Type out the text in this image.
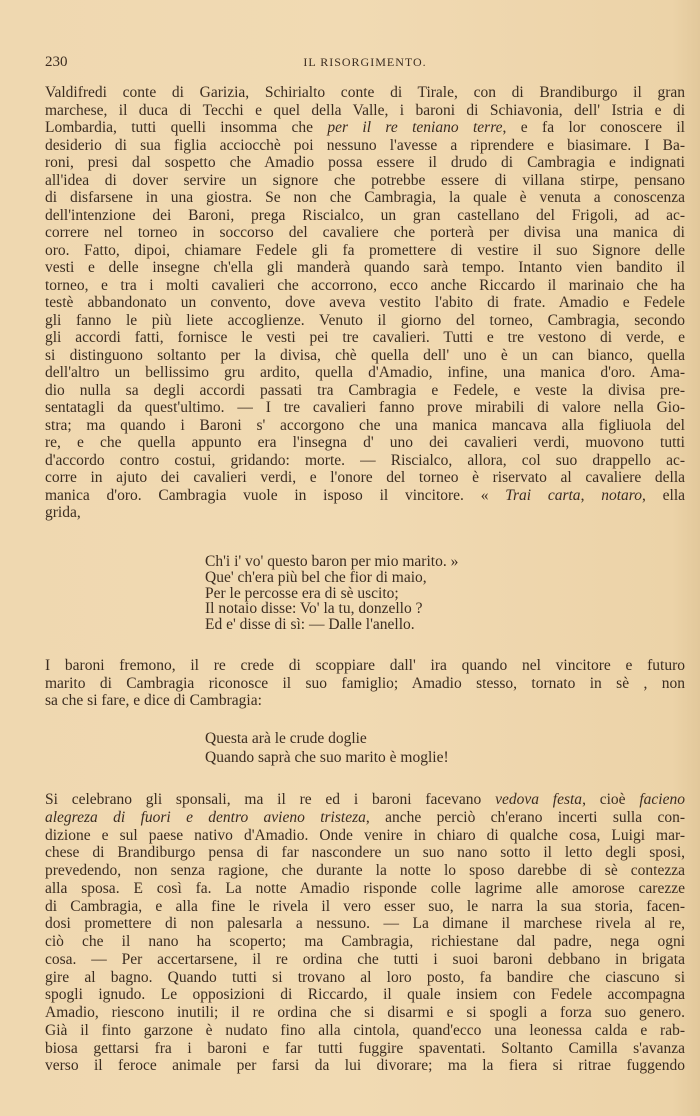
230	IL RISORGIMENTO.
Valdifredi conte di Garizia, Schirialto conte di Tirale, con di Brandiburgo il gran
marchese, il duca di Tecchi e quel della Valle, i baroni di Schiavonia, dell' Istria e di
Lombardia, tutti quelli insomma che per il re teniano terre, e fa lor conoscere il
desiderio di sua figlia acciocchè poi nessuno l'avesse a riprendere e biasimare. I Ba-
roni, presi dal sospetto che Amadio possa essere il drudo di Cambragia e indignati
all'idea di dover servire un signore che potrebbe essere di villana stirpe, pensano
di disfarsene in una giostra. Se non che Cambragia, la quale è venuta a conoscenza
dell'intenzione dei Baroni, prega Riscialco, un gran castellano del Frigoli, ad ac-
correre nel torneo in soccorso del cavaliere che porterà per divisa una manica di
oro. Fatto, dipoi, chiamare Fedele gli fa promettere di vestire il suo Signore delle
vesti e delle insegne ch'ella gli manderà quando sarà tempo. Intanto vien bandito il
torneo, e tra i molti cavalieri che accorrono, ecco anche Riccardo il marinaio che ha
testè abbandonato un convento, dove aveva vestito l'abito di frate. Amadio e Fedele
gli fanno le più liete accoglienze. Venuto il giorno del torneo, Cambragia, secondo
gli accordi fatti, fornisce le vesti pei tre cavalieri. Tutti e tre vestono di verde, e
si distinguono soltanto per la divisa, chè quella dell' uno è un can bianco, quella
dell'altro un bellissimo gru ardito, quella d'Amadio, infine, una manica d'oro. Ama-
dio nulla sa degli accordi passati tra Cambragia e Fedele, e veste la divisa pre-
sentatagli da quest'ultimo. — I tre cavalieri fanno prove mirabili di valore nella Gio-
stra; ma quando i Baroni s' accorgono che una manica mancava alla figliuola del
re, e che quella appunto era l'insegna d' uno dei cavalieri verdi, muovono tutti
d'accordo contro costui, gridando: morte. — Riscialco, allora, col suo drappello ac-
corre in ajuto dei cavalieri verdi, e l'onore del torneo è riservato al cavaliere della
manica d'oro. Cambragia vuole in isposo il vincitore. « Trai carta, notaro, ella
grida,
Ch'i i' vo' questo baron per mio marito. »
Que' ch'era più bel che fior di maio,
Per le percosse era di sè uscito;
Il notaio disse: Vo' la tu, donzello ?
Ed e' disse di sì: — Dalle l'anello.
I baroni fremono, il re crede di scoppiare dall' ira quando nel vincitore e futuro
marito di Cambragia riconosce il suo famiglio; Amadio stesso, tornato in sè , non
sa che si fare, e dice di Cambragia:
Questa arà le crude doglie
Quando saprà che suo marito è moglie!
Si celebrano gli sponsali, ma il re ed i baroni facevano vedova festa, cioè facieno
alegreza di fuori e dentro avieno tristeza, anche perciò ch'erano incerti sulla con-
dizione e sul paese nativo d'Amadio. Onde venire in chiaro di qualche cosa, Luigi mar-
chese di Brandiburgo pensa di far nascondere un suo nano sotto il letto degli sposi,
prevedendo, non senza ragione, che durante la notte lo sposo darebbe di sè contezza
alla sposa. E così fa. La notte Amadio risponde colle lagrime alle amorose carezze
di Cambragia, e alla fine le rivela il vero esser suo, le narra la sua storia, facen-
dosi promettere di non palesarla a nessuno. — La dimane il marchese rivela al re,
ciò che il nano ha scoperto; ma Cambragia, richiestane dal padre, nega ogni
cosa. — Per accertarsene, il re ordina che tutti i suoi baroni debbano in brigata
gire al bagno. Quando tutti si trovano al loro posto, fa bandire che ciascuno si
spogli ignudo. Le opposizioni di Riccardo, il quale insiem con Fedele accompagna
Amadio, riescono inutili; il re ordina che si disarmi e si spogli a forza suo genero.
Già il finto garzone è nudato fino alla cintola, quand'ecco una leonessa calda e rab-
biosa gettarsi fra i baroni e far tutti fuggire spaventati. Soltanto Camilla s'avanza
verso il feroce animale per farsi da lui divorare; ma la fiera si ritrae fuggendo
